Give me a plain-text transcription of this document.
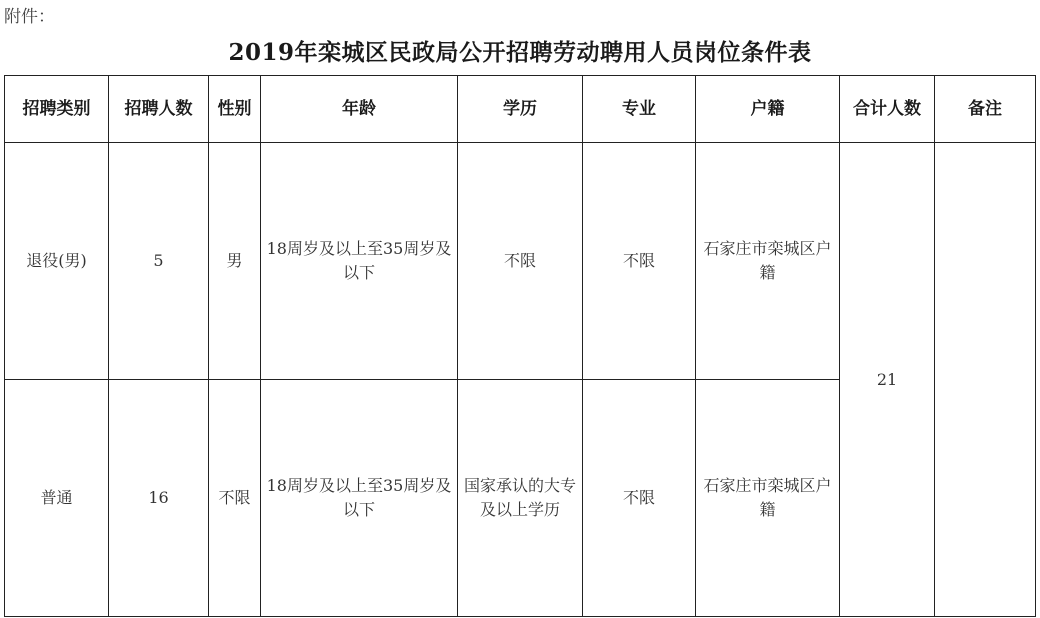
附件：
2019年栾城区民政局公开招聘劳动聘用人员岗位条件表
招聘类别	招聘人数	性别	年龄	学历	专业	户籍	合计人数	备注
退役(男)	5	男	18周岁及以上至35周岁及以下	不限	不限	石家庄市栾城区户籍	21	
普通	16	不限	18周岁及以上至35周岁及以下	国家承认的大专及以上学历	不限	石家庄市栾城区户籍		
